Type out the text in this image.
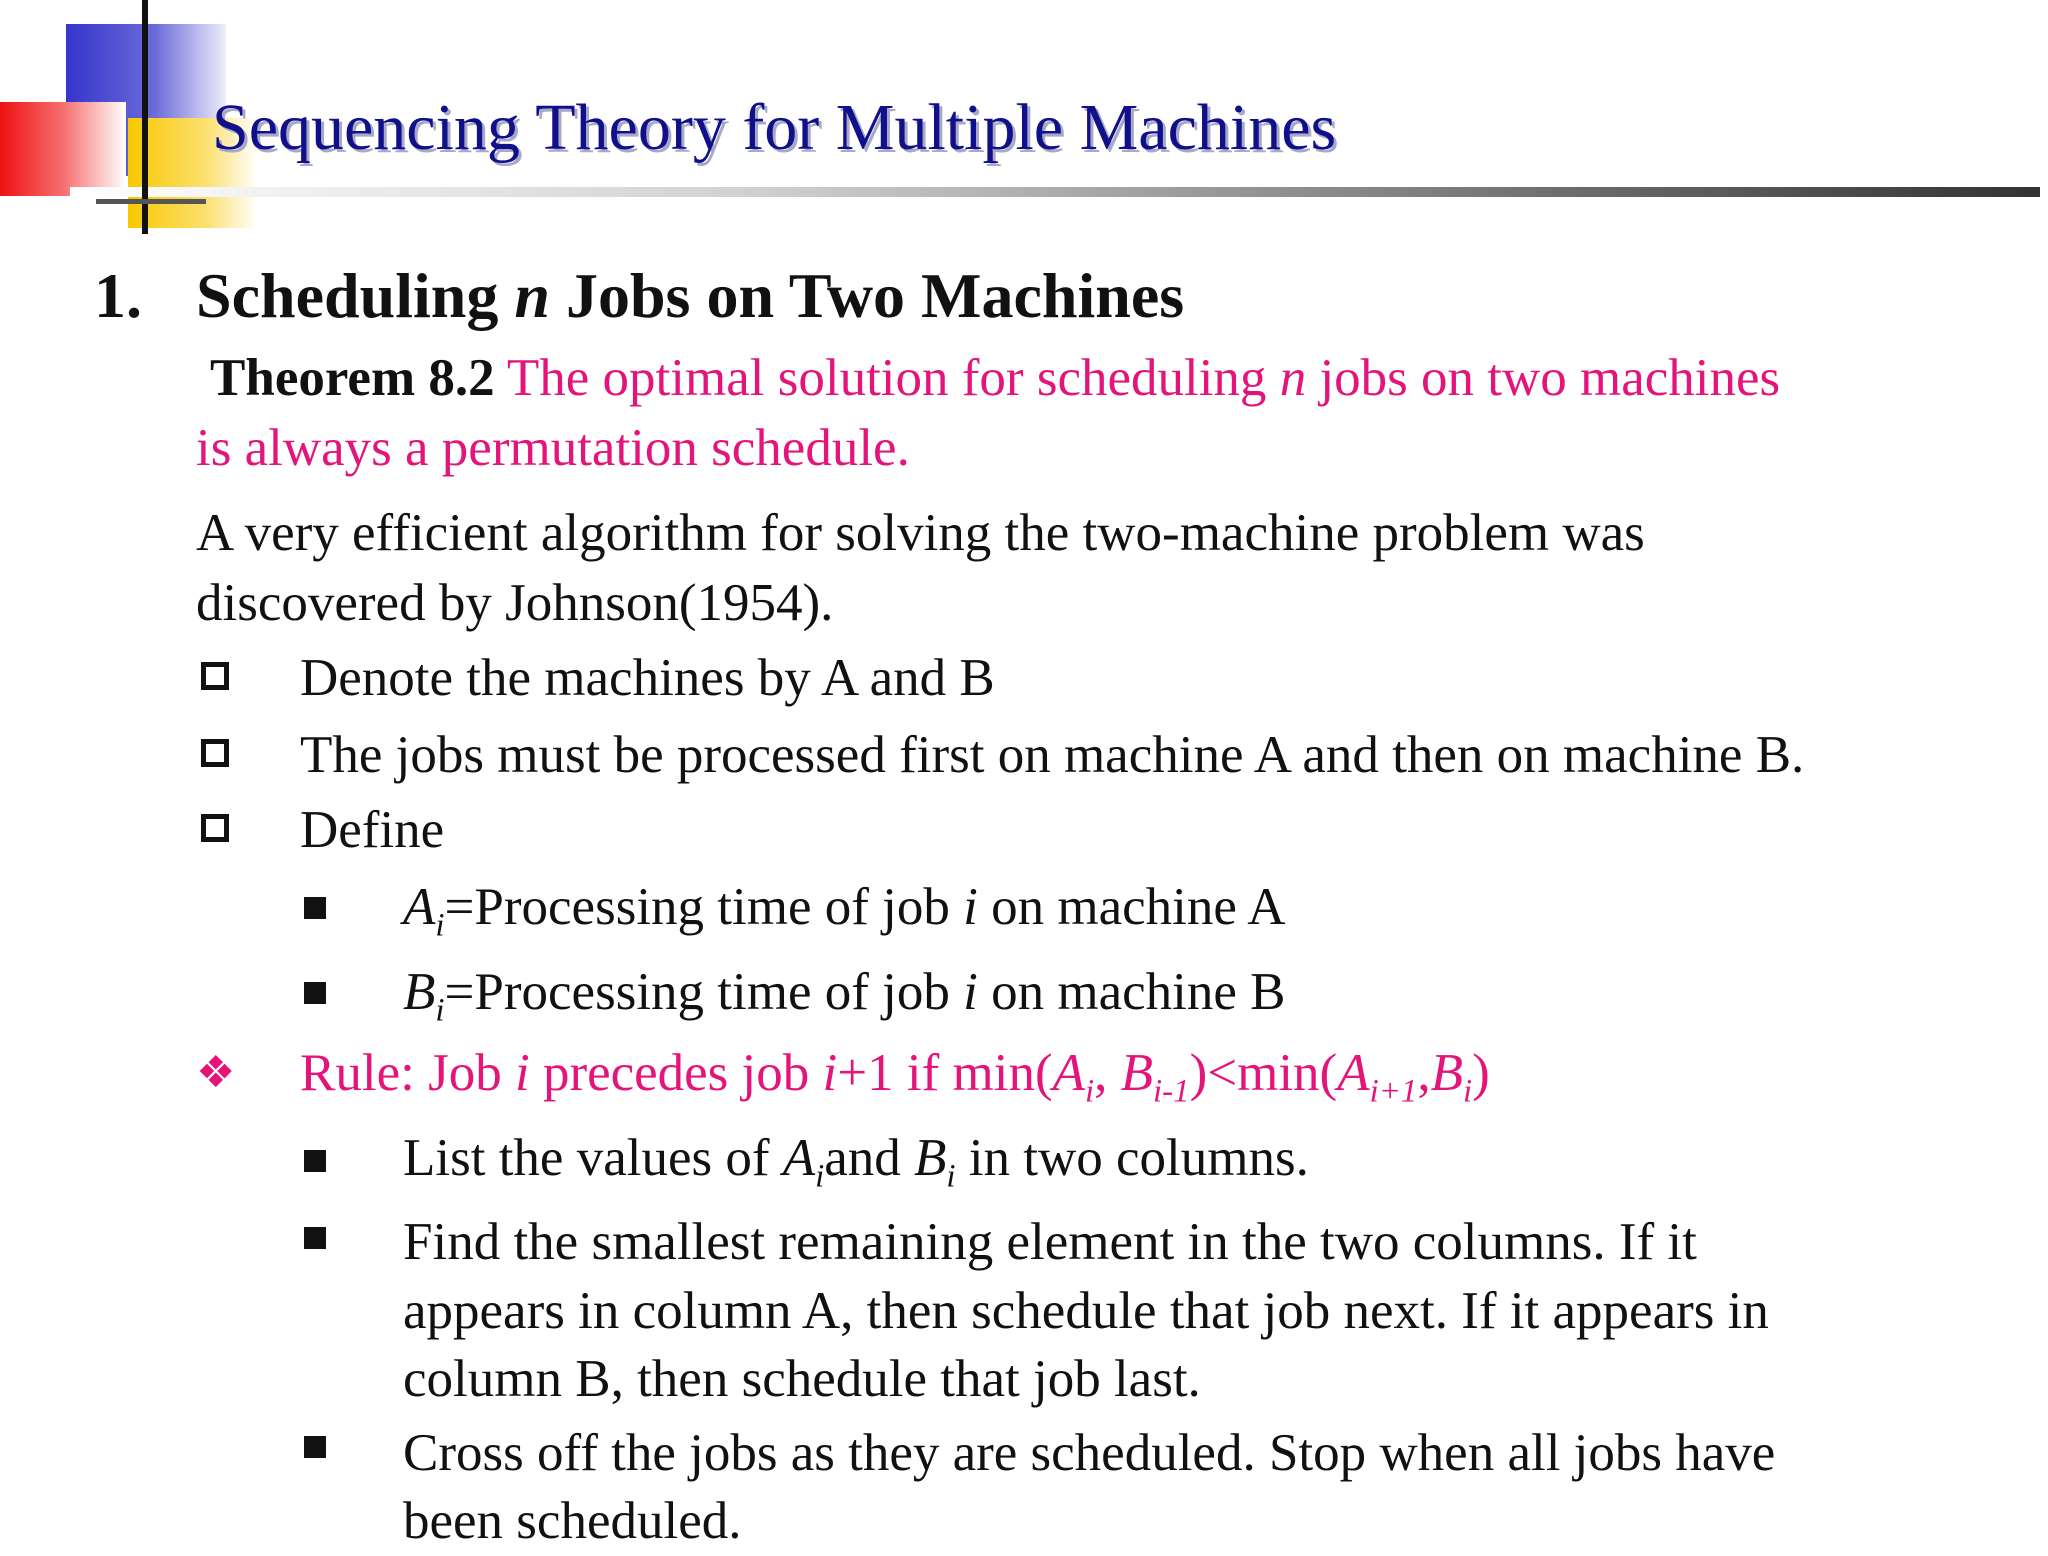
Sequencing Theory for Multiple Machines
1. Scheduling n Jobs on Two Machines
Theorem 8.2 The optimal solution for scheduling n jobs on two machines
is always a permutation schedule.
A very efficient algorithm for solving the two-machine problem was
discovered by Johnson(1954).
Denote the machines by A and B
The jobs must be processed first on machine A and then on machine B.
Define
$A_i=Processing$ time of job i on machine A
$B_i=Processing$ time of job i on machine B
❖ Rule: Job i precedes job i+1 if $\min(A_i$, $B_{i-1})<\min(A_{i+1},B_i)$
List the values of $A_iand$ $B_i$ in two columns.
Find the smallest remaining element in the two columns. If it
appears in column A, then schedule that job next. If it appears in
column B, then schedule that job last.
Cross off the jobs as they are scheduled. Stop when all jobs have
been scheduled.
